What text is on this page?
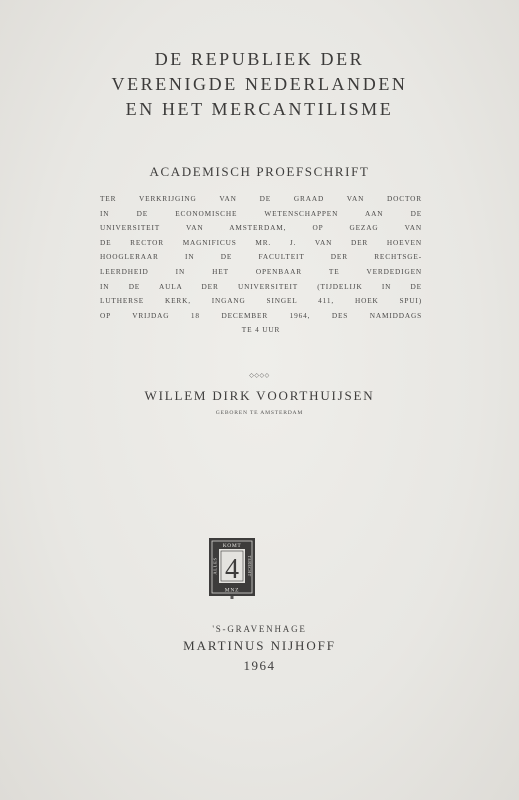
DE REPUBLIEK DER
VERENIGDE NEDERLANDEN
EN HET MERCANTILISME
ACADEMISCH PROEFSCHRIFT
TER VERKRIJGING VAN DE GRAAD VAN DOCTOR
IN DE ECONOMISCHE WETENSCHAPPEN AAN DE
UNIVERSITEIT VAN AMSTERDAM, OP GEZAG VAN
DE RECTOR MAGNIFICUS MR. J. VAN DER HOEVEN
HOOGLERAAR IN DE FACULTEIT DER RECHTSGE-
LEERDHEID IN HET OPENBAAR TE VERDEDIGEN
IN DE AULA DER UNIVERSITEIT (TIJDELIJK IN DE
LUTHERSE KERK, INGANG SINGEL 411, HOEK SPUI)
OP VRIJDAG 18 DECEMBER 1964, DES NAMIDDAGS
TE 4 UUR
◇◇◇◇
WILLEM DIRK VOORTHUIJSEN
GEBOREN TE AMSTERDAM
4
KOMT
MNZ
ALLES	TERECHT
'S-GRAVENHAGE
MARTINUS NIJHOFF
1964
